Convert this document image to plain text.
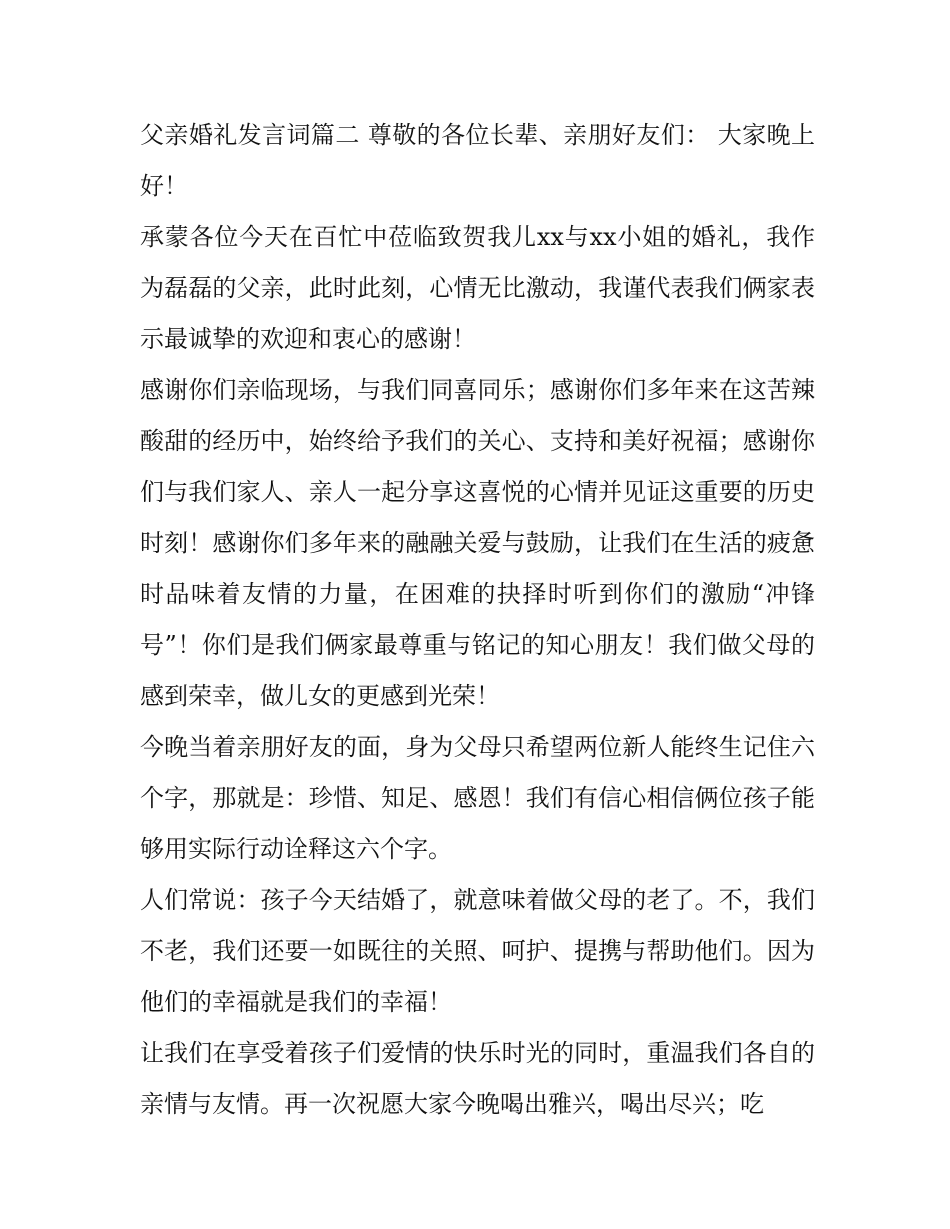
父亲婚礼发言词篇二 尊敬的各位长辈、亲朋好友们： 大家晚上好！

承蒙各位今天在百忙中莅临致贺我儿xx与xx小姐的婚礼，我作为磊磊的父亲，此时此刻，心情无比激动，我谨代表我们俩家表示最诚挚的欢迎和衷心的感谢！

感谢你们亲临现场，与我们同喜同乐；感谢你们多年来在这苦辣酸甜的经历中，始终给予我们的关心、支持和美好祝福；感谢你们与我们家人、亲人一起分享这喜悦的心情并见证这重要的历史时刻！感谢你们多年来的融融关爱与鼓励，让我们在生活的疲惫时品味着友情的力量，在困难的抉择时听到你们的激励“冲锋号”！你们是我们俩家最尊重与铭记的知心朋友！我们做父母的感到荣幸，做儿女的更感到光荣！

今晚当着亲朋好友的面，身为父母只希望两位新人能终生记住六个字，那就是：珍惜、知足、感恩！我们有信心相信俩位孩子能够用实际行动诠释这六个字。

人们常说：孩子今天结婚了，就意味着做父母的老了。不，我们不老，我们还要一如既往的关照、呵护、提携与帮助他们。因为他们的幸福就是我们的幸福！

让我们在享受着孩子们爱情的快乐时光的同时，重温我们各自的亲情与友情。再一次祝愿大家今晚喝出雅兴，喝出尽兴；吃
